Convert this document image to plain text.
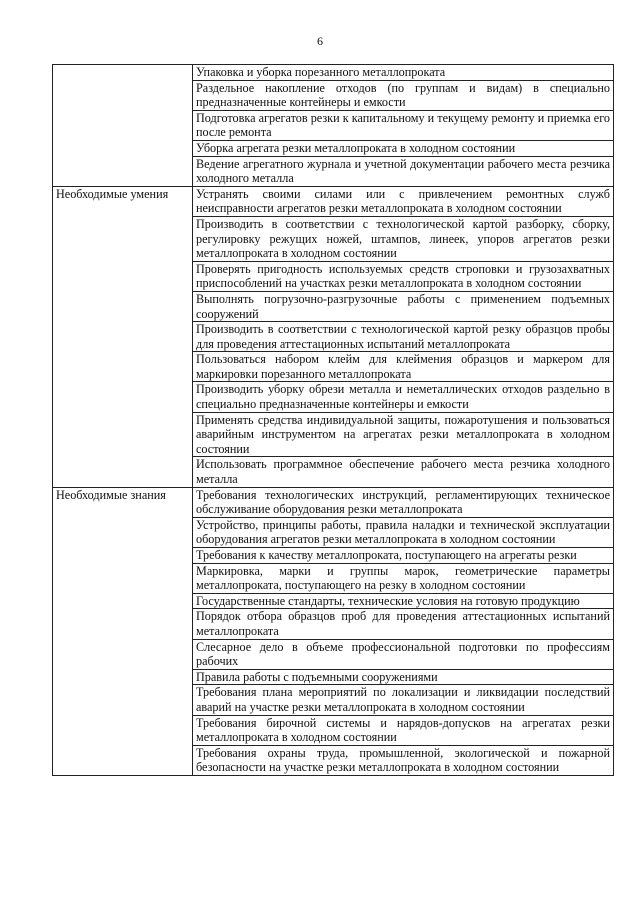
6
	Упаковка и уборка порезанного металлопроката
	Раздельное накопление отходов (по группам и видам) в специально предназначенные контейнеры и емкости
	Подготовка агрегатов резки к капитальному и текущему ремонту и приемка его после ремонта
	Уборка агрегата резки металлопроката в холодном состоянии
	Ведение агрегатного журнала и учетной документации рабочего места резчика холодного металла
Необходимые умения	Устранять своими силами или с привлечением ремонтных служб неисправности агрегатов резки металлопроката в холодном состоянии
	Производить в соответствии с технологической картой разборку, сборку, регулировку режущих ножей, штампов, линеек, упоров агрегатов резки металлопроката в холодном состоянии
	Проверять пригодность используемых средств строповки и грузозахватных приспособлений на участках резки металлопроката в холодном состоянии
	Выполнять погрузочно-разгрузочные работы с применением подъемных сооружений
	Производить в соответствии с технологической картой резку образцов пробы для проведения аттестационных испытаний металлопроката
	Пользоваться набором клейм для клеймения образцов и маркером для маркировки порезанного металлопроката
	Производить уборку обрези металла и неметаллических отходов раздельно в специально предназначенные контейнеры и емкости
	Применять средства индивидуальной защиты, пожаротушения и пользоваться аварийным инструментом на агрегатах резки металлопроката в холодном состоянии
	Использовать программное обеспечение рабочего места резчика холодного металла
Необходимые знания	Требования технологических инструкций, регламентирующих техническое обслуживание оборудования резки металлопроката
	Устройство, принципы работы, правила наладки и технической эксплуатации оборудования агрегатов резки металлопроката в холодном состоянии
	Требования к качеству металлопроката, поступающего на агрегаты резки
	Маркировка, марки и группы марок, геометрические параметры металлопроката, поступающего на резку в холодном состоянии
	Государственные стандарты, технические условия на готовую продукцию
	Порядок отбора образцов проб для проведения аттестационных испытаний металлопроката
	Слесарное дело в объеме профессиональной подготовки по профессиям рабочих
	Правила работы с подъемными сооружениями
	Требования плана мероприятий по локализации и ликвидации последствий аварий на участке резки металлопроката в холодном состоянии
	Требования бирочной системы и нарядов-допусков на агрегатах резки металлопроката в холодном состоянии
	Требования охраны труда, промышленной, экологической и пожарной безопасности на участке резки металлопроката в холодном состоянии
